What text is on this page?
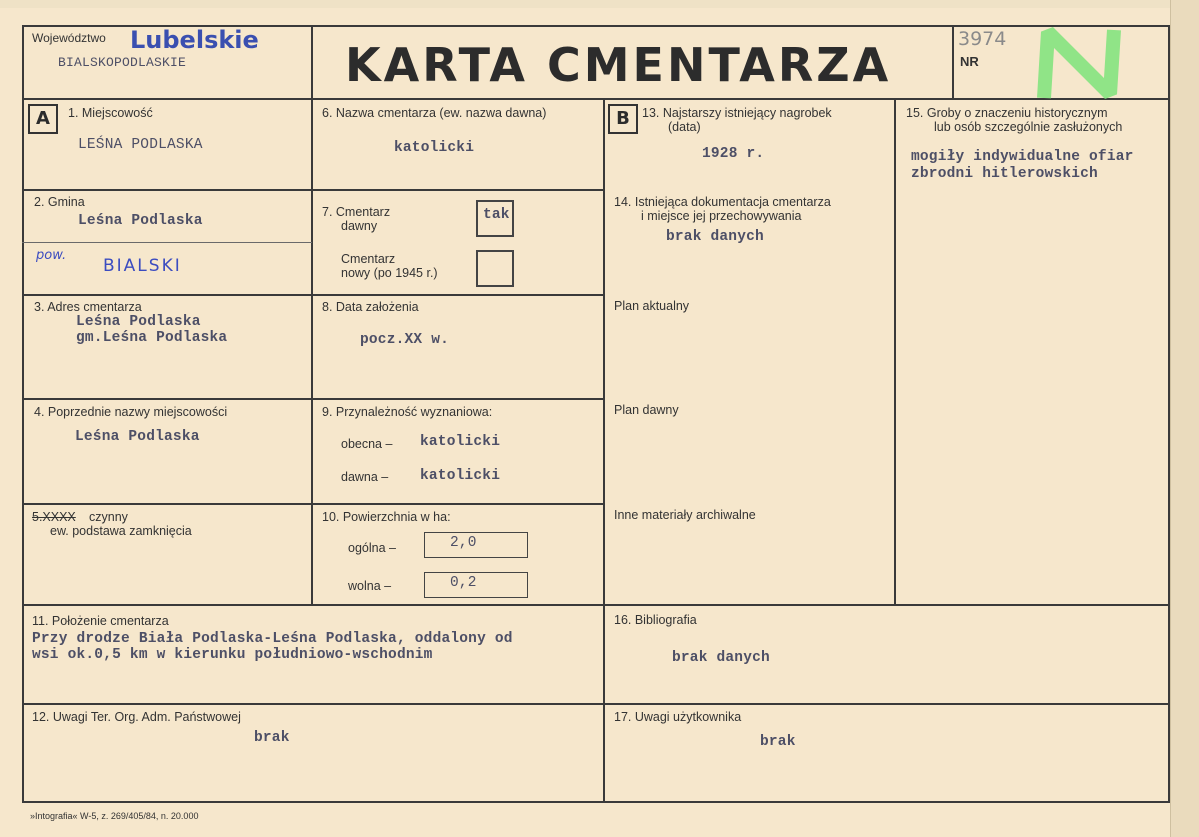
Województwo Lubelskie
BIALSKOPODLASKIE	KARTA CMENTARZA	3974
NR
A	B
1. Miejscowość
LEŚNA PODLASKA
2. Gmina
Leśna Podlaska
pow.
BIALSKI
3. Adres cmentarza
Leśna Podlaska
gm.Leśna Podlaska
4. Poprzednie nazwy miejscowości
Leśna Podlaska
5.XXXX czynny
ew. podstawa zamknięcia
6. Nazwa cmentarza (ew. nazwa dawna)
katolicki
7. Cmentarz
dawny
tak
Cmentarz
nowy (po 1945 r.)
8. Data założenia
pocz.XX w.
9. Przynależność wyznaniowa:
obecna – katolicki
dawna – katolicki
10. Powierzchnia w ha:
ogólna –	2,0
wolna –	0,2
13. Najstarszy istniejący nagrobek
(data)
1928 r.
14. Istniejąca dokumentacja cmentarza
i miejsce jej przechowywania
brak danych
Plan aktualny
Plan dawny
Inne materiały archiwalne
15. Groby o znaczeniu historycznym
lub osób szczególnie zasłużonych
mogiły indywidualne ofiar
zbrodni hitlerowskich
11. Położenie cmentarza
Przy drodze Biała Podlaska-Leśna Podlaska, oddalony od
wsi ok.0,5 km w kierunku południowo-wschodnim
16. Bibliografia
brak danych
12. Uwagi Ter. Org. Adm. Państwowej
brak
17. Uwagi użytkownika
brak
»Intografia« W-5, z. 269/405/84, n. 20.000
